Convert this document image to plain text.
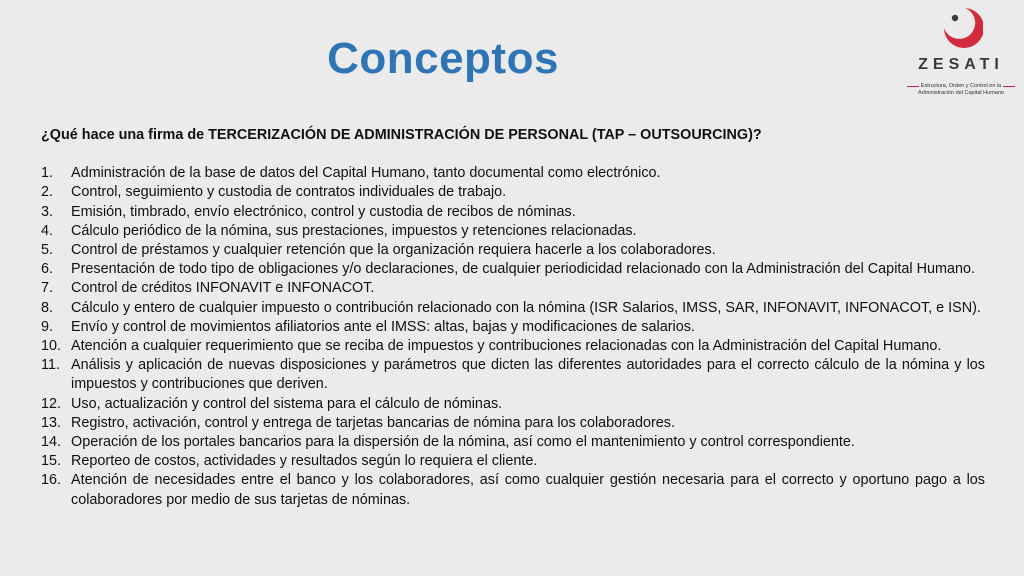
Conceptos	ZESATI
Estructura, Orden y Control en la
Administración del Capital Humano
¿Qué hace una firma de TERCERIZACIÓN DE ADMINISTRACIÓN DE PERSONAL (TAP – OUTSOURCING)?
1.	Administración de la base de datos del Capital Humano, tanto documental como electrónico.
2.	Control, seguimiento y custodia de contratos individuales de trabajo.
3.	Emisión, timbrado, envío electrónico, control y custodia de recibos de nóminas.
4.	Cálculo periódico de la nómina, sus prestaciones, impuestos y retenciones relacionadas.
5.	Control de préstamos y cualquier retención que la organización requiera hacerle a los colaboradores.
6.	Presentación de todo tipo de obligaciones y/o declaraciones, de cualquier periodicidad relacionado con la Administración del Capital Humano.
7.	Control de créditos INFONAVIT e INFONACOT.
8.	Cálculo y entero de cualquier impuesto o contribución relacionado con la nómina (ISR Salarios, IMSS, SAR, INFONAVIT, INFONACOT, e ISN).
9.	Envío y control de movimientos afiliatorios ante el IMSS: altas, bajas y modificaciones de salarios.
10. Atención a cualquier requerimiento que se reciba de impuestos y contribuciones relacionadas con la Administración del Capital Humano.
11. Análisis y aplicación de nuevas disposiciones y parámetros que dicten las diferentes autoridades para el correcto cálculo de la nómina y los impuestos y contribuciones que deriven.
12. Uso, actualización y control del sistema para el cálculo de nóminas.
13. Registro, activación, control y entrega de tarjetas bancarias de nómina para los colaboradores.
14. Operación de los portales bancarios para la dispersión de la nómina, así como el mantenimiento y control correspondiente.
15. Reporteo de costos, actividades y resultados según lo requiera el cliente.
16. Atención de necesidades entre el banco y los colaboradores, así como cualquier gestión necesaria para el correcto y oportuno pago a los colaboradores por medio de sus tarjetas de nóminas.
